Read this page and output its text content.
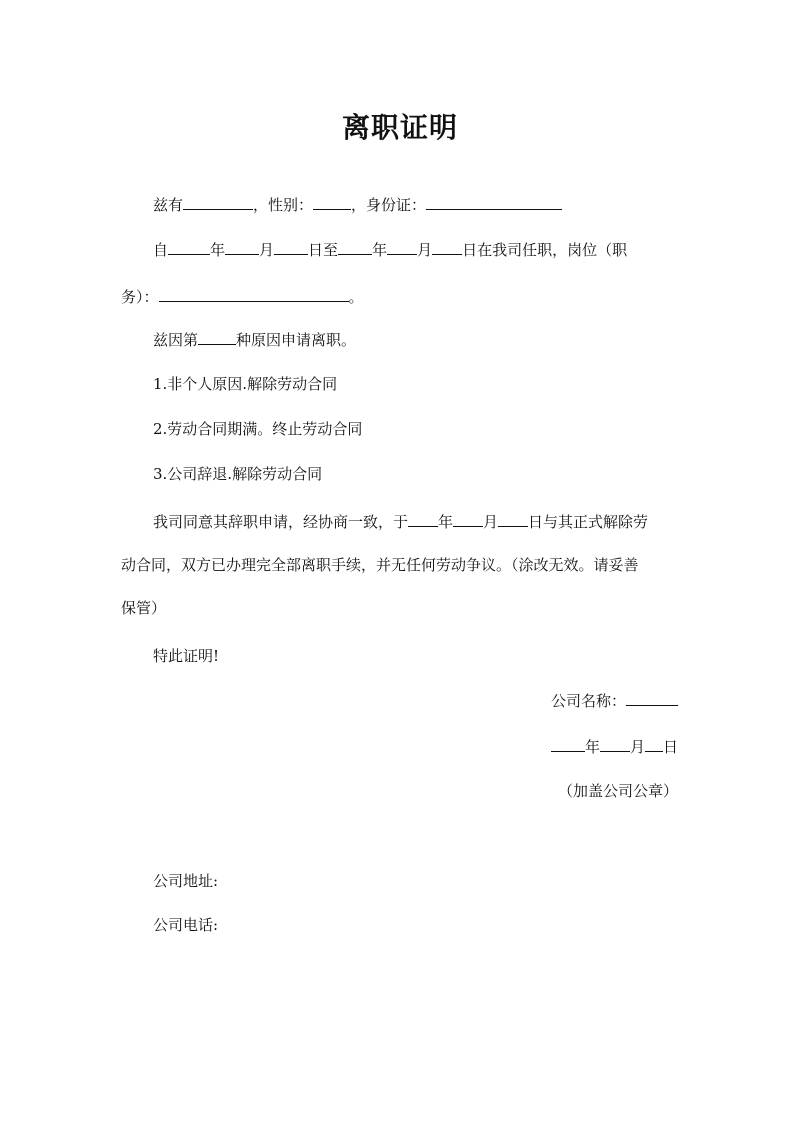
离职证明
兹有	，性别：	，身份证：
自	年 月 日至 年 月 日在我司任职，岗位（职
务）：	。
兹因第	种原因申请离职。
1.非个人原因.解除劳动合同
2.劳动合同期满。终止劳动合同
3.公司辞退.解除劳动合同
我司同意其辞职申请，经协商一致，于 年 月 日与其正式解除劳
动合同，双方已办理完全部离职手续，并无任何劳动争议。（涂改无效。请妥善
保管）
特此证明!
公司名称：
年 月 日
（加盖公司公章）
公司地址:
公司电话:
